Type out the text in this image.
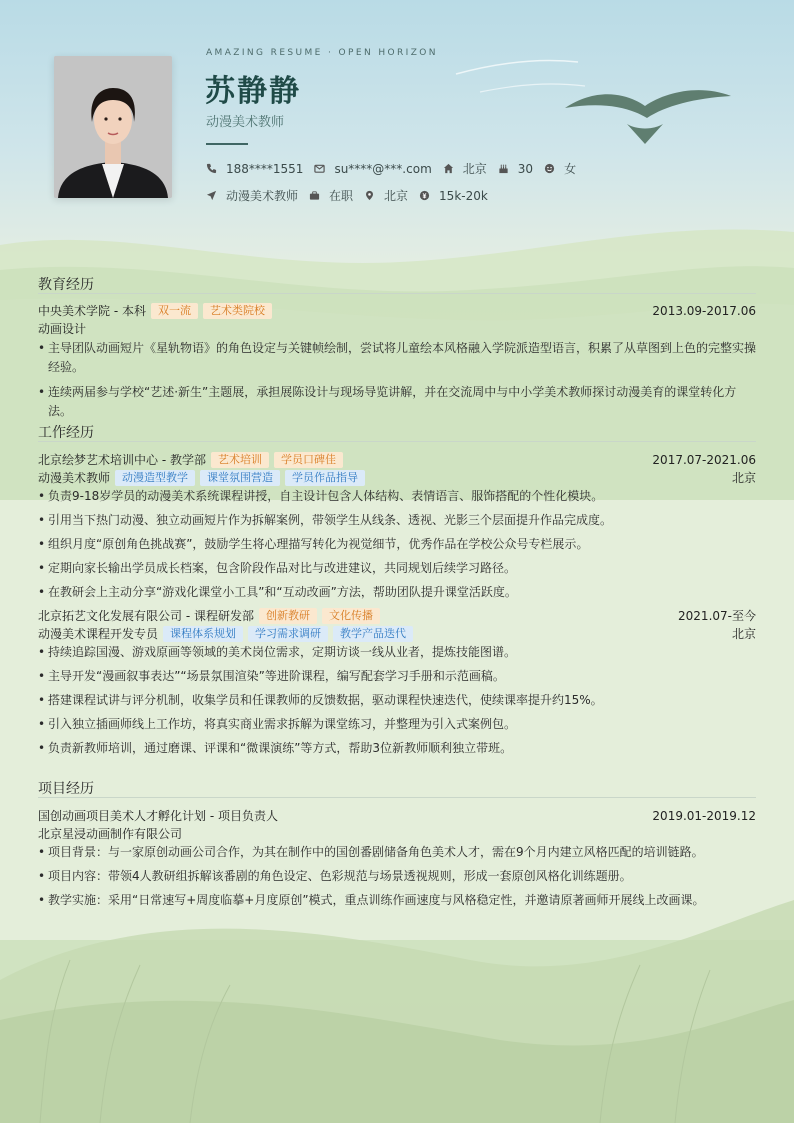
AMAZING RESUME · OPEN HORIZON
苏静静
动漫美术教师
188****1551	su****@***.com	北京	30	女
动漫美术教师	在职	北京	15k-20k
教育经历
中央美术学院 - 本科	双一流	艺术类院校	2013.09-2017.06
动画设计
• 主导团队动画短片《星轨物语》的角色设定与关键帧绘制，尝试将儿童绘本风格融入学院派造型语言，积累了从草图到上色的完整实操经验。
• 连续两届参与学校“艺述·新生”主题展，承担展陈设计与现场导览讲解，并在交流周中与中小学美术教师探讨动漫美育的课堂转化方法。
工作经历
北京绘梦艺术培训中心 - 教学部	艺术培训	学员口碑佳	2017.07-2021.06
动漫美术教师	动漫造型教学	课堂氛围营造	学员作品指导	北京
• 负责9-18岁学员的动漫美术系统课程讲授，自主设计包含人体结构、表情语言、服饰搭配的个性化模块。
• 引用当下热门动漫、独立动画短片作为拆解案例，带领学生从线条、透视、光影三个层面提升作品完成度。
• 组织月度“原创角色挑战赛”，鼓励学生将心理描写转化为视觉细节，优秀作品在学校公众号专栏展示。
• 定期向家长输出学员成长档案，包含阶段作品对比与改进建议，共同规划后续学习路径。
• 在教研会上主动分享“游戏化课堂小工具”和“互动改画”方法，帮助团队提升课堂活跃度。
北京拓艺文化发展有限公司 - 课程研发部	创新教研	文化传播	2021.07-至今
动漫美术课程开发专员	课程体系规划	学习需求调研	教学产品迭代	北京
• 持续追踪国漫、游戏原画等领域的美术岗位需求，定期访谈一线从业者，提炼技能图谱。
• 主导开发“漫画叙事表达”“场景氛围渲染”等进阶课程，编写配套学习手册和示范画稿。
• 搭建课程试讲与评分机制，收集学员和任课教师的反馈数据，驱动课程快速迭代，使续课率提升约15%。
• 引入独立插画师线上工作坊，将真实商业需求拆解为课堂练习，并整理为引入式案例包。
• 负责新教师培训，通过磨课、评课和“微课演练”等方式，帮助3位新教师顺利独立带班。
项目经历
国创动画项目美术人才孵化计划 - 项目负责人	2019.01-2019.12
北京星浸动画制作有限公司
• 项目背景：与一家原创动画公司合作，为其在制作中的国创番剧储备角色美术人才，需在9个月内建立风格匹配的培训链路。
• 项目内容：带领4人教研组拆解该番剧的角色设定、色彩规范与场景透视规则，形成一套原创风格化训练题册。
• 教学实施：采用“日常速写+周度临摹+月度原创”模式，重点训练作画速度与风格稳定性，并邀请原著画师开展线上改画课。
